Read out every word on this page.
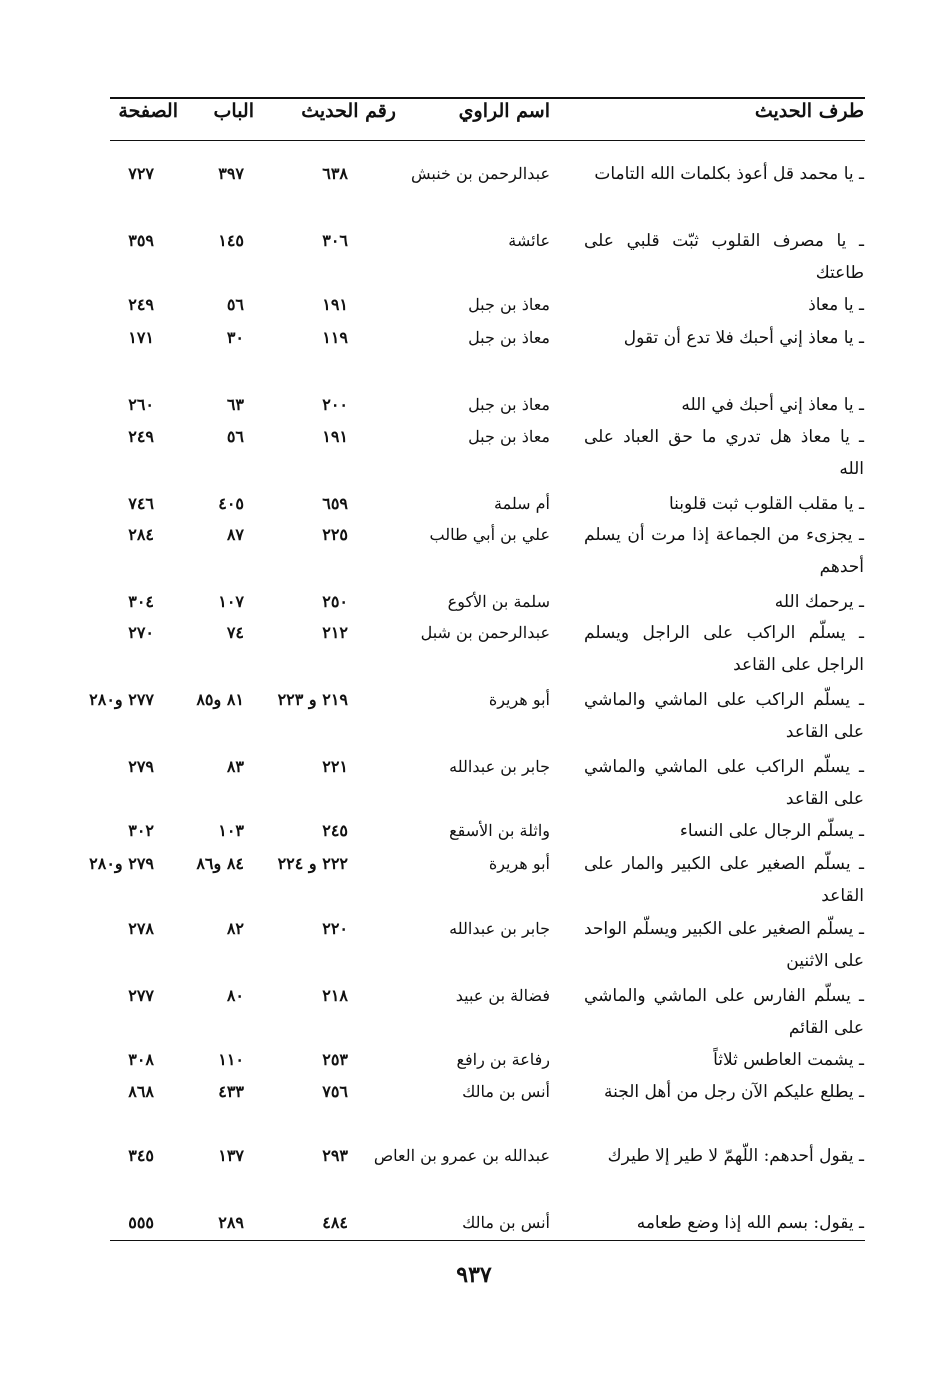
طرف الحديث
اسم الراوي
رقم الحديث
الباب
الصفحة
ـ يا محمد قل أعوذ بكلمات الله التامات
عبدالرحمن بن خنبش
٦٣٨
٣٩٧
٧٢٧
ـ يا مصرف القلوب ثبّت قلبي على طاعتك
عائشة
٣٠٦
١٤٥
٣٥٩
ـ يا معاذ
معاذ بن جبل
١٩١
٥٦
٢٤٩
ـ يا معاذ إني أحبك فلا تدع أن تقول
معاذ بن جبل
١١٩
٣٠
١٧١
ـ يا معاذ إني أحبك في الله
معاذ بن جبل
٢٠٠
٦٣
٢٦٠
ـ يا معاذ هل تدري ما حق العباد على الله
معاذ بن جبل
١٩١
٥٦
٢٤٩
ـ يا مقلب القلوب ثبت قلوبنا
أم سلمة
٦٥٩
٤٠٥
٧٤٦
ـ يجزىء من الجماعة إذا مرت أن يسلم أحدهم
علي بن أبي طالب
٢٢٥
٨٧
٢٨٤
ـ يرحمك الله
سلمة بن الأكوع
٢٥٠
١٠٧
٣٠٤
ـ يسلّم الراكب على الراجل ويسلم الراجل على القاعد
عبدالرحمن بن شبل
٢١٢
٧٤
٢٧٠
ـ يسلّم الراكب على الماشي والماشي على القاعد
أبو هريرة
٢١٩ و ٢٢٣
٨١ و٨٥
٢٧٧ و٢٨٠
ـ يسلّم الراكب على الماشي والماشي على القاعد
جابر بن عبدالله
٢٢١
٨٣
٢٧٩
ـ يسلّم الرجال على النساء
واثلة بن الأسقع
٢٤٥
١٠٣
٣٠٢
ـ يسلّم الصغير على الكبير والمار على القاعد
أبو هريرة
٢٢٢ و ٢٢٤
٨٤ و٨٦
٢٧٩ و٢٨٠
ـ يسلّم الصغير على الكبير ويسلّم الواحد على الاثنين
جابر بن عبدالله
٢٢٠
٨٢
٢٧٨
ـ يسلّم الفارس على الماشي والماشي على القائم
فضالة بن عبيد
٢١٨
٨٠
٢٧٧
ـ يشمت العاطس ثلاثاً
رفاعة بن رافع
٢٥٣
١١٠
٣٠٨
ـ يطلع عليكم الآن رجل من أهل الجنة
أنس بن مالك
٧٥٦
٤٣٣
٨٦٨
ـ يقول أحدهم: اللّهمّ لا طير إلا طيرك
عبدالله بن عمرو بن العاص
٢٩٣
١٣٧
٣٤٥
ـ يقول: بسم الله إذا وضع طعامه
أنس بن مالك
٤٨٤
٢٨٩
٥٥٥
٩٣٧
